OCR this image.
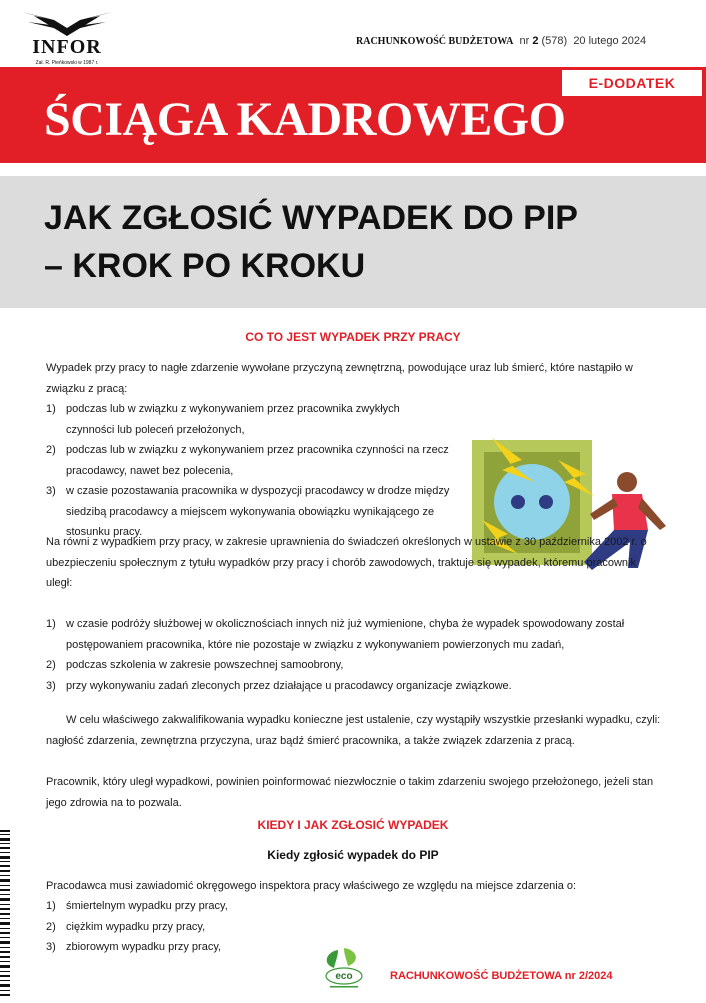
INFOR
Zał. R. Pieńkowski w 1987 r.
RACHUNKOWOŚĆ BUDŻETOWA nr 2 (578) 20 lutego 2024
E-DODATEK
ŚCIĄGA KADROWEGO
JAK ZGŁOSIĆ WYPADEK DO PIP
– KROK PO KROKU
CO TO JEST WYPADEK PRZY PRACY
Wypadek przy pracy to nagłe zdarzenie wywołane przyczyną zewnętrzną, powodujące uraz lub śmierć, które nastąpiło w związku z pracą:
1) podczas lub w związku z wykonywaniem przez pracownika zwykłych czynności lub poleceń przełożonych,
2) podczas lub w związku z wykonywaniem przez pracownika czynności na rzecz pracodawcy, nawet bez polecenia,
3) w czasie pozostawania pracownika w dyspozycji pracodawcy w drodze między siedzibą pracodawcy a miejscem wykonywania obowiązku wynikającego ze stosunku pracy.
Na równi z wypadkiem przy pracy, w zakresie uprawnienia do świadczeń określonych w ustawie z 30 października 2002 r. o ubezpieczeniu społecznym z tytułu wypadków przy pracy i chorób zawodowych, traktuje się wypadek, któremu pracownik uległ:
1) w czasie podróży służbowej w okolicznościach innych niż już wymienione, chyba że wypadek spowodowany został postępowaniem pracownika, które nie pozostaje w związku z wykonywaniem powierzonych mu zadań,
2) podczas szkolenia w zakresie powszechnej samoobrony,
3) przy wykonywaniu zadań zleconych przez działające u pracodawcy organizacje związkowe.
W celu właściwego zakwalifikowania wypadku konieczne jest ustalenie, czy wystąpiły wszystkie przesłanki wypadku, czyli: nagłość zdarzenia, zewnętrzna przyczyna, uraz bądź śmierć pracownika, a także związek zdarzenia z pracą.
Pracownik, który uległ wypadkowi, powinien poinformować niezwłocznie o takim zdarzeniu swojego przełożonego, jeżeli stan jego zdrowia na to pozwala.
KIEDY I JAK ZGŁOSIĆ WYPADEK
Kiedy zgłosić wypadek do PIP
Pracodawca musi zawiadomić okręgowego inspektora pracy właściwego ze względu na miejsce zdarzenia o:
1) śmiertelnym wypadku przy pracy,
2) ciężkim wypadku przy pracy,
3) zbiorowym wypadku przy pracy,
eco	RACHUNKOWOŚĆ BUDŻETOWA nr 2/2024
